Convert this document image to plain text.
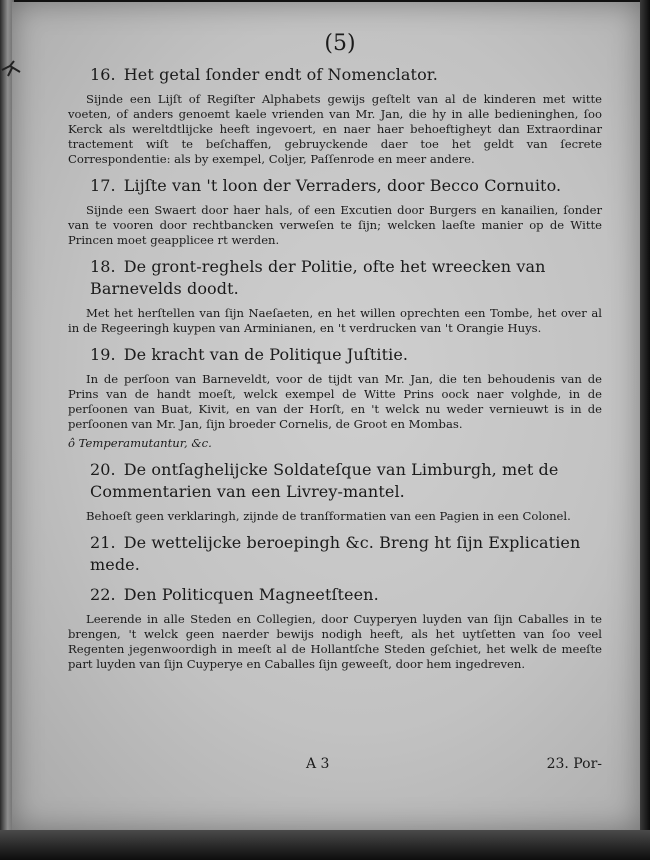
(5)
16. Het getal ſonder endt of Nomenclator.

Sijnde een Lijſt of Regiſter Alphabets gewijs geſtelt van al de kinderen met witte voeten, of anders genoemt kaele vrienden van Mr. Jan, die hy in alle bedieninghen, ſoo Kerck als wereltdtlijcke heeft ingevoert, en naer haer behoeftigheyt dan Extraordinar tractement wiſt te beſchaffen, gebruyckende daer toe het geldt van ſecrete Correspondentie: als by exempel, Colјer, Paſſenrode en meer andere.

17. Lijſte van 't loon der Verraders, door Becco Cornuito.

Sijnde een Swaert door haer hals, of een Excutien door Burgers en kanailien, ſonder van te vooren door rechtbancken verweſen te ſijn; welcken laeſte manier op de Witte Princen moet geapplicee rt werden.

18. De gront-reghels der Politie, ofte het wreecken van Barnevelds doodt.

Met het herſtellen van ſijn Naeſaeten, en het willen oprechten een Tombe, het over al in de Regeeringh kuypen van Arminianen, en 't verdrucken van 't Orangie Huys.

19. De kracht van de Politique Juſtitie.

In de perſoon van Barneveldt, voor de tijdt van Mr. Jan, die ten behoudenis van de Prins van de handt moeſt, welck exempel de Witte Prins oock naer volghde, in de perſoonen van Buat, Kivit, en van der Horſt, en 't welck nu weder vernieuwt is in de perſoonen van Mr. Jan, ſijn broeder Cornelis, de Groot en Mombas.

ô Temperamutantur, &c.
20. De ontſaghelijcke Soldateſque van Limburgh, met de Commentarien van een Livrey-mantel.

Behoeſt geen verklaringh, zijnde de tranſformatien van een Pagien in een Colonel.

21. De wettelijcke beroepingh &c. Breng ht ſijn Explicatien mede.
22. Den Politicquen Magneetſteen.

Leerende in alle Steden en Collegien, door Cuyperyen luyden van ſijn Caballes in te brengen, 't welck geen naerder bewijs nodigh heeft, als het uytſetten van ſoo veel Regenten jegenwoordigh in meeſt al de Hollantſche Steden geſchiet, het welk de meeſte part luyden van ſijn Cuyperye en Caballes ſijn geweeſt, door hem ingedreven.

A 3	23. Por-
